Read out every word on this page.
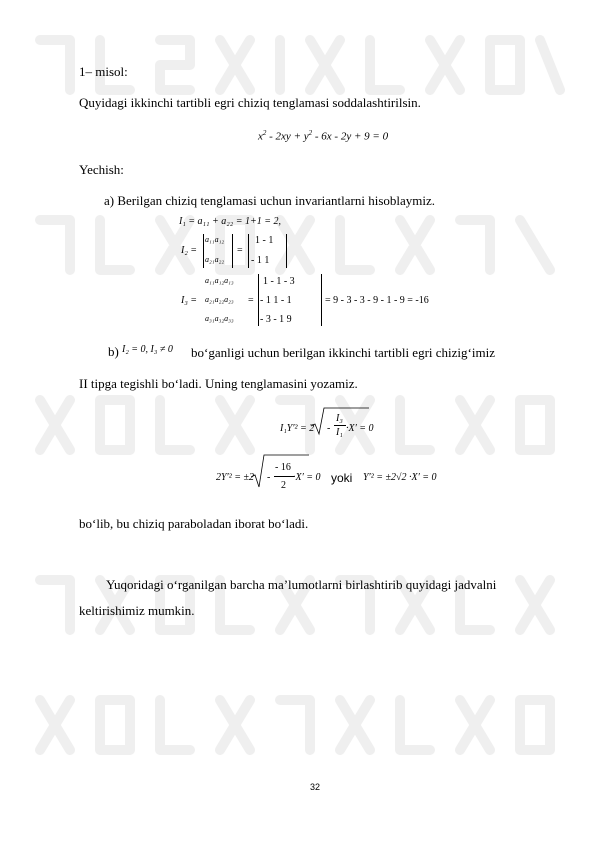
1– misol:
Quyidagi ikkinchi tartibli egri chiziq tenglamasi soddalashtirilsin.
$x^2 - 2xy + y^2 - 6x - 2y + 9 = 0$
Yechish:
a) Berilgan chiziq tenglamasi uchun invariantlarni hisoblaymiz.
I₁ = a₁₁ + a₂₂ = 1+1 = 2,
I₂ =
a₁₁a₁₂
a₂₁a₂₂
=
1 - 1
- 1 1
a₁₁a₁₂a₁₃
I₃ = a₂₁a₂₂a₂₃
a₃₁a₃₂a₃₃
=
1 - 1 - 3
- 1 1 - 1
- 3 - 1 9
= 9 - 3 - 3 - 9 - 1 - 9 = -16
b) I₂ = 0, I₃ ≠ 0 boʻganligi uchun berilgan ikkinchi tartibli egri chizigʻimiz
II tipga tegishli boʻladi. Uning tenglamasini yozamiz.
I₁Y′² = 2 -
I₃
I₁ ·X′ = 0
2Y′² = ±2 -
- 16
2
·X′ = 0 yoki Y′² = ±2√2 ·X′ = 0
boʻlib, bu chiziq paraboladan iborat boʻladi.
Yuqoridagi oʻrganilgan barcha ma’lumotlarni birlashtirib quyidagi jadvalni
keltirishimiz mumkin.
32
